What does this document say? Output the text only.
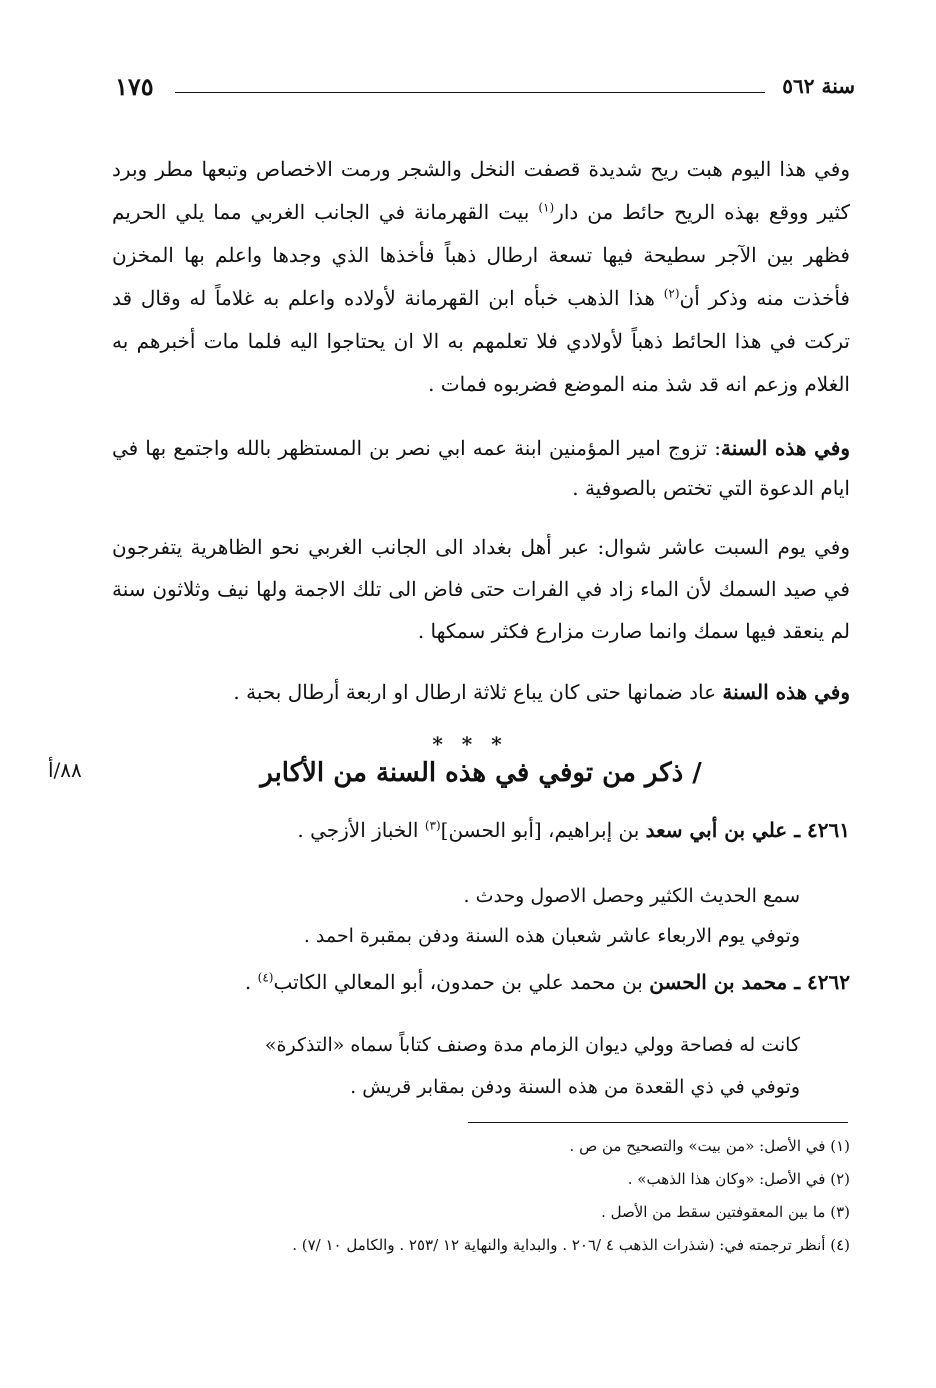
١٧٥	سنة ٥٦٢
وفي هذا اليوم هبت ريح شديدة قصفت النخل والشجر ورمت الاخصاص وتبعها مطر وبرد كثير ووقع بهذه الريح حائط من دار$^{(١)}$ بيت القهرمانة في الجانب الغربي مما يلي الحريم فظهر بين الآجر سطيحة فيها تسعة ارطال ذهباً فأخذها الذي وجدها واعلم بها المخزن فأخذت منه وذكر أن$^{(٢)}$ هذا الذهب خبأه ابن القهرمانة لأولاده واعلم به غلاماً له وقال قد تركت في هذا الحائط ذهباً لأولادي فلا تعلمهم به الا ان يحتاجوا اليه فلما مات أخبرهم به الغلام وزعم انه قد شذ منه الموضع فضربوه فمات .
وفي هذه السنة: تزوج امير المؤمنين ابنة عمه ابي نصر بن المستظهر بالله واجتمع بها في ايام الدعوة التي تختص بالصوفية .
وفي يوم السبت عاشر شوال: عبر أهل بغداد الى الجانب الغربي نحو الظاهرية يتفرجون في صيد السمك لأن الماء زاد في الفرات حتى فاض الى تلك الاجمة ولها نيف وثلاثون سنة لم ينعقد فيها سمك وانما صارت مزارع فكثر سمكها .
وفي هذه السنة عاد ضمانها حتى كان يباع ثلاثة ارطال او اربعة أرطال بحبة .
* * *
٨٨/أ	/ ذكر من توفي في هذه السنة من الأكابر
٤٢٦١ ـ علي بن أبي سعد بن إبراهيم، [أبو الحسن]$^{(٣)}$ الخباز الأزجي .
سمع الحديث الكثير وحصل الاصول وحدث .
وتوفي يوم الاربعاء عاشر شعبان هذه السنة ودفن بمقبرة احمد .
٤٢٦٢ ـ محمد بن الحسن بن محمد علي بن حمدون، أبو المعالي الكاتب$^{(٤)}$ .
كانت له فصاحة وولي ديوان الزمام مدة وصنف كتاباً سماه «التذكرة»
وتوفي في ذي القعدة من هذه السنة ودفن بمقابر قريش .
(١) في الأصل: «من بيت» والتصحيح من ص .
(٢) في الأصل: «وكان هذا الذهب» .
(٣) ما بين المعقوفتين سقط من الأصل .
(٤) أنظر ترجمته في: (شذرات الذهب ٤ /٢٠٦ . والبداية والنهاية ١٢ /٢٥٣ . والكامل ١٠ /٧) .
